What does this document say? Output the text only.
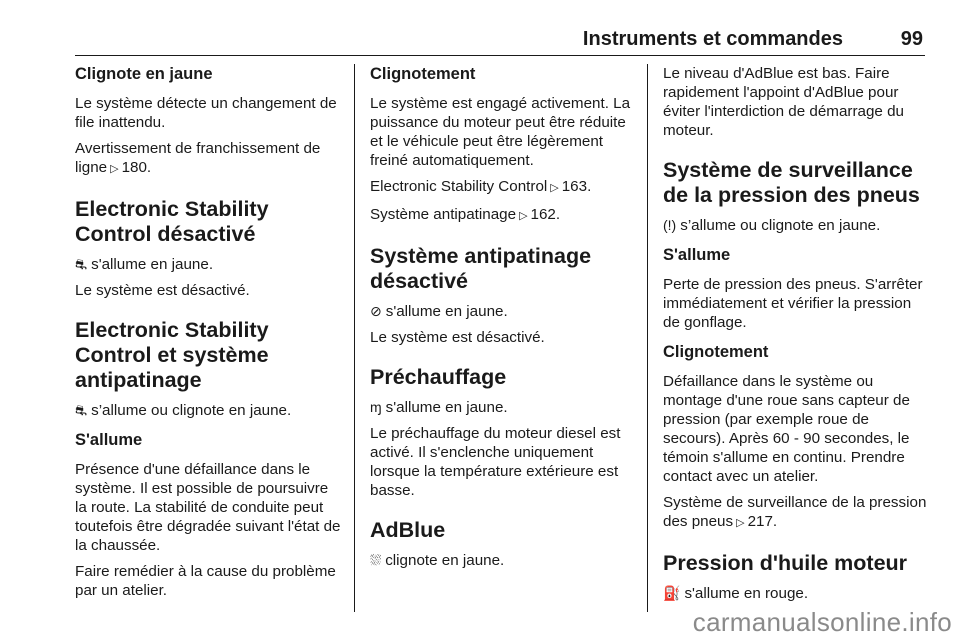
Instruments et commandes	99
Clignote en jaune

Le système détecte un changement de file inattendu.

Avertissement de franchissement de ligne ▷ 180.

Electronic Stability Control désactivé

⛐ s'allume en jaune.

Le système est désactivé.

Electronic Stability Control et système antipatinage

⛐ s’allume ou clignote en jaune.

S'allume

Présence d'une défaillance dans le système. Il est possible de poursuivre la route. La stabilité de conduite peut toutefois être dégradée suivant l'état de la chaussée.

Faire remédier à la cause du problème par un atelier.

Clignotement

Le système est engagé activement. La puissance du moteur peut être réduite et le véhicule peut être légèrement freiné automatiquement.

Electronic Stability Control ▷ 163.

Système antipatinage ▷ 162.

Système antipatinage désactivé

⊘ s'allume en jaune.

Le système est désactivé.

Préchauffage

ɱ s'allume en jaune.

Le préchauffage du moteur diesel est activé. Il s'enclenche uniquement lorsque la température extérieure est basse.

AdBlue

⛆ clignote en jaune.

Le niveau d'AdBlue est bas. Faire rapidement l'appoint d'AdBlue pour éviter l'interdiction de démarrage du moteur.

Système de surveillance de la pression des pneus

(!) s’allume ou clignote en jaune.

S'allume

Perte de pression des pneus. S'arrêter immédiatement et vérifier la pression de gonflage.

Clignotement

Défaillance dans le système ou montage d'une roue sans capteur de pression (par exemple roue de secours). Après 60 - 90 secondes, le témoin s'allume en continu. Prendre contact avec un atelier.

Système de surveillance de la pression des pneus ▷ 217.

Pression d'huile moteur

⛽ s'allume en rouge.

carmanualsonline.info
